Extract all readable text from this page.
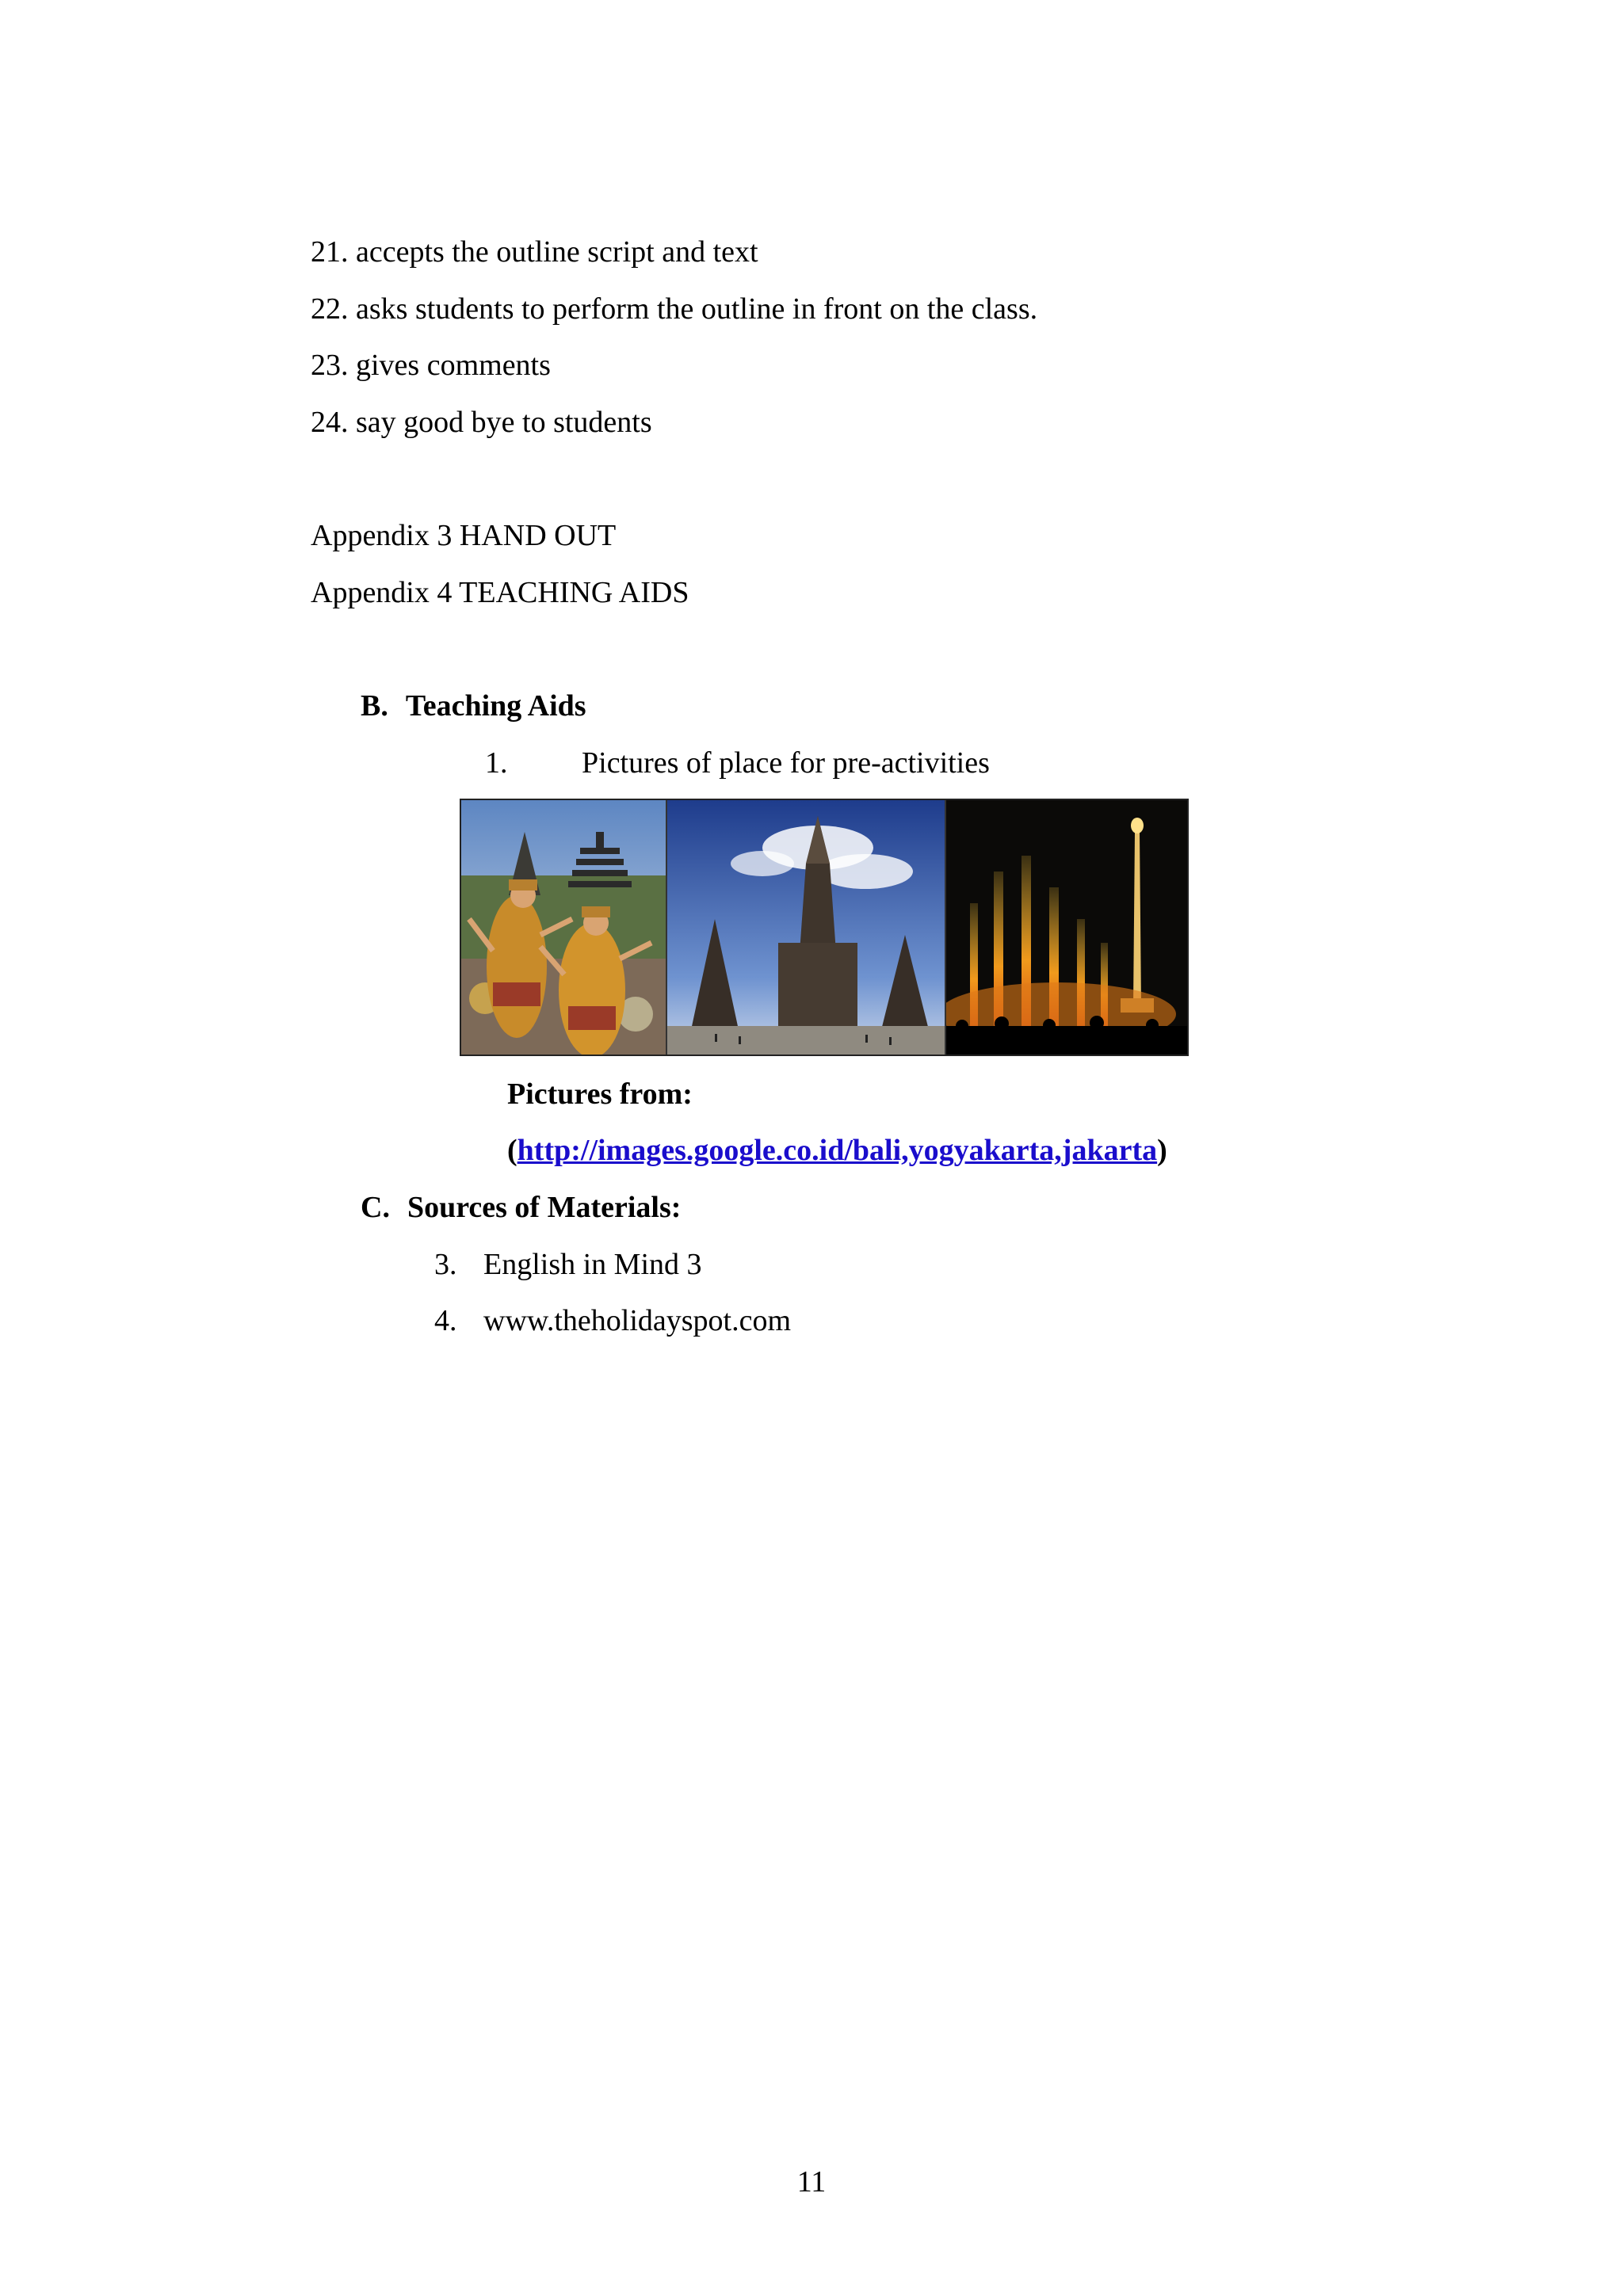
21. accepts the outline script and text
22. asks students to perform the outline in front on the class.
23. gives comments
24. say good bye to students
Appendix 3 HAND OUT
Appendix 4 TEACHING AIDS
B. Teaching Aids
1. Pictures of place for pre-activities
Pictures from:
(http://images.google.co.id/bali,yogyakarta,jakarta)
C. Sources of Materials:
3. English in Mind 3
4. www.theholidayspot.com
11
